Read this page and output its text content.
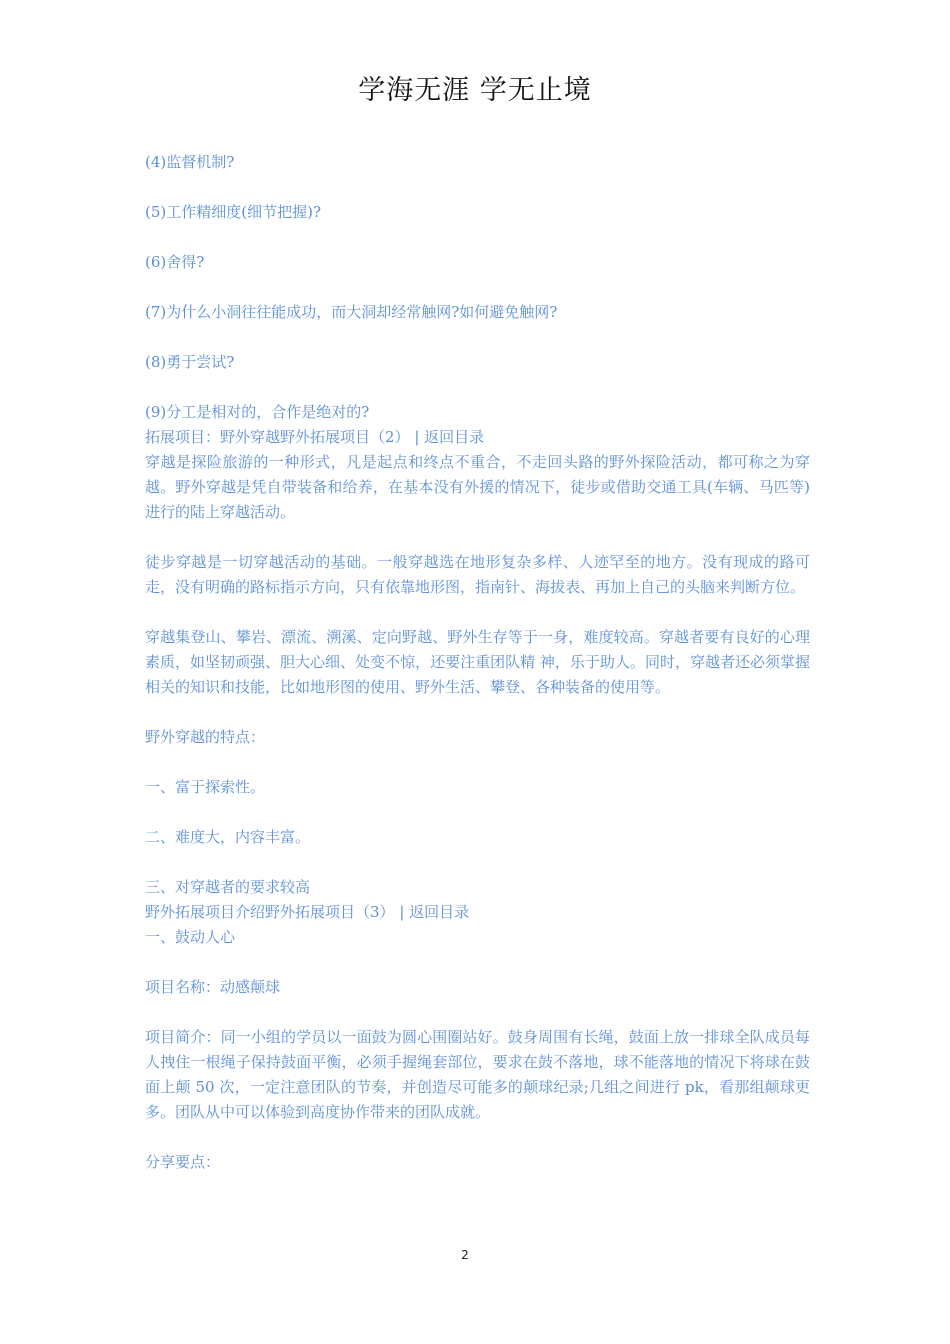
学海无涯 学无止境
(4)监督机制?
(5)工作精细度(细节把握)?
(6)舍得?
(7)为什么小洞往往能成功，而大洞却经常触网?如何避免触网?
(8)勇于尝试?
(9)分工是相对的，合作是绝对的?
拓展项目：野外穿越野外拓展项目（2） | 返回目录
穿越是探险旅游的一种形式，凡是起点和终点不重合，不走回头路的野外探险活动，都可称之为穿越。野外穿越是凭自带装备和给养，在基本没有外援的情况下，徒步或借助交通工具(车辆、马匹等)进行的陆上穿越活动。
徒步穿越是一切穿越活动的基础。一般穿越选在地形复杂多样、人迹罕至的地方。没有现成的路可走，没有明确的路标指示方向，只有依靠地形图，指南针、海拔表、再加上自己的头脑来判断方位。
穿越集登山、攀岩、漂流、溯溪、定向野越、野外生存等于一身，难度较高。穿越者要有良好的心理素质，如坚韧顽强、胆大心细、处变不惊，还要注重团队精 神，乐于助人。同时，穿越者还必须掌握相关的知识和技能，比如地形图的使用、野外生活、攀登、各种装备的使用等。
野外穿越的特点：
一、富于探索性。
二、难度大，内容丰富。
三、对穿越者的要求较高
野外拓展项目介绍野外拓展项目（3） | 返回目录
一、鼓动人心
项目名称：动感颠球
项目简介：同一小组的学员以一面鼓为圆心围圈站好。鼓身周围有长绳，鼓面上放一排球全队成员每人拽住一根绳子保持鼓面平衡，必须手握绳套部位，要求在鼓不落地，球不能落地的情况下将球在鼓面上颠 50 次，一定注意团队的节奏，并创造尽可能多的颠球纪录;几组之间进行 pk，看那组颠球更多。团队从中可以体验到高度协作带来的团队成就。
分享要点：
2
